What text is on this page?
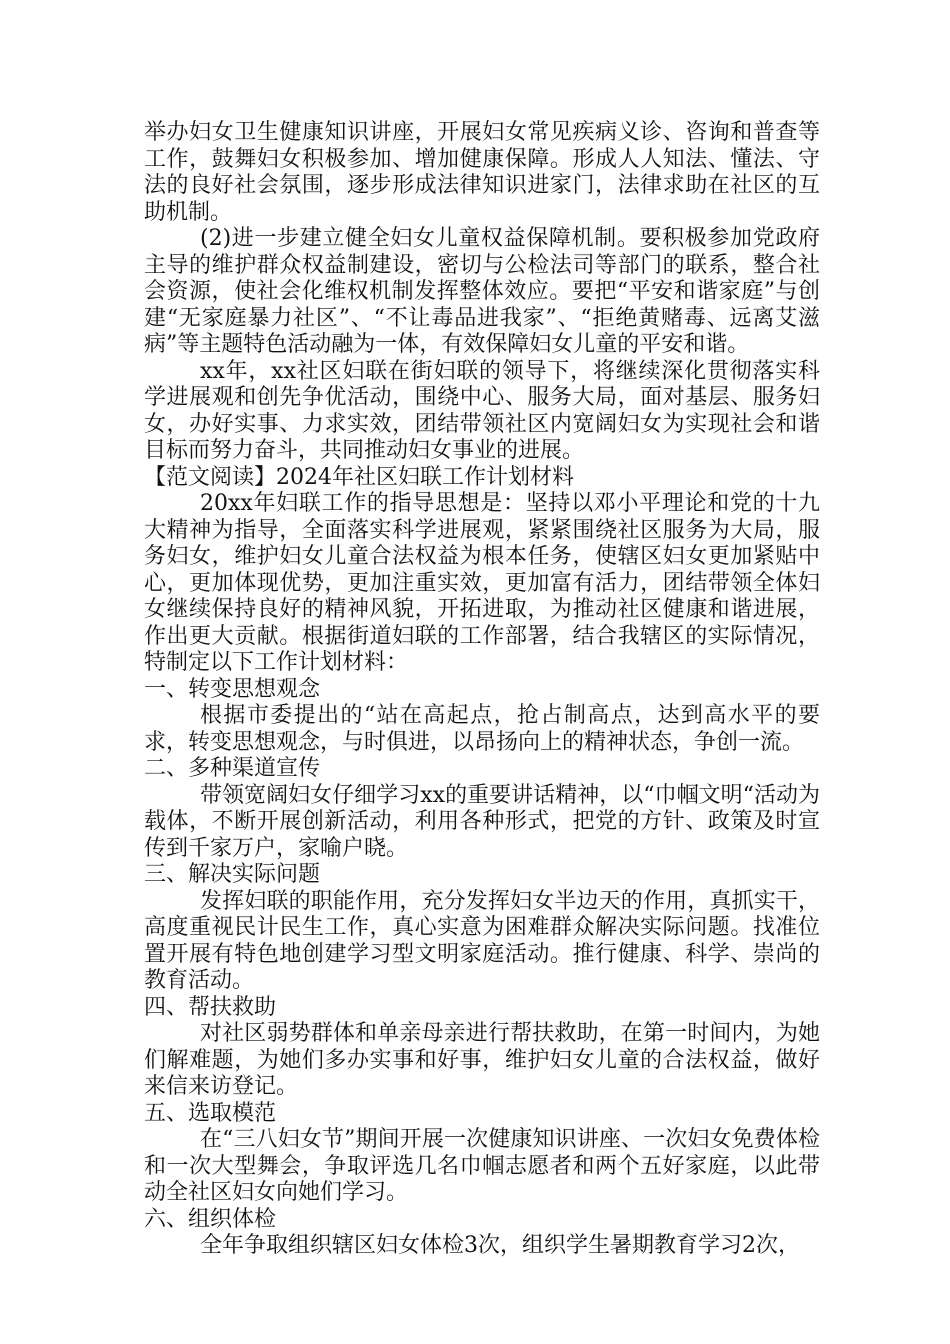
举办妇女卫生健康知识讲座，开展妇女常见疾病义诊、咨询和普查等工作，鼓舞妇女积极参加、增加健康保障。形成人人知法、懂法、守法的良好社会氛围，逐步形成法律知识进家门，法律求助在社区的互助机制。

(2)进一步建立健全妇女儿童权益保障机制。要积极参加党政府主导的维护群众权益制建设，密切与公检法司等部门的联系，整合社会资源，使社会化维权机制发挥整体效应。要把“平安和谐家庭”与创建“无家庭暴力社区”、“不让毒品进我家”、“拒绝黄赌毒、远离艾滋病”等主题特色活动融为一体，有效保障妇女儿童的平安和谐。

xx年，xx社区妇联在街妇联的领导下，将继续深化贯彻落实科学进展观和创先争优活动，围绕中心、服务大局，面对基层、服务妇女，办好实事、力求实效，团结带领社区内宽阔妇女为实现社会和谐目标而努力奋斗，共同推动妇女事业的进展。

【范文阅读】2024年社区妇联工作计划材料

20xx年妇联工作的指导思想是：坚持以邓小平理论和党的十九大精神为指导，全面落实科学进展观，紧紧围绕社区服务为大局，服务妇女，维护妇女儿童合法权益为根本任务，使辖区妇女更加紧贴中心，更加体现优势，更加注重实效，更加富有活力，团结带领全体妇女继续保持良好的精神风貌，开拓进取，为推动社区健康和谐进展，作出更大贡献。根据街道妇联的工作部署，结合我辖区的实际情况，特制定以下工作计划材料：

一、转变思想观念

根据市委提出的“站在高起点，抢占制高点，达到高水平的要求，转变思想观念，与时俱进，以昂扬向上的精神状态，争创一流。

二、多种渠道宣传

带领宽阔妇女仔细学习xx的重要讲话精神，以“巾帼文明“活动为载体，不断开展创新活动，利用各种形式，把党的方针、政策及时宣传到千家万户，家喻户晓。

三、解决实际问题

发挥妇联的职能作用，充分发挥妇女半边天的作用，真抓实干，高度重视民计民生工作，真心实意为困难群众解决实际问题。找准位置开展有特色地创建学习型文明家庭活动。推行健康、科学、崇尚的教育活动。

四、帮扶救助

对社区弱势群体和单亲母亲进行帮扶救助，在第一时间内，为她们解难题，为她们多办实事和好事，维护妇女儿童的合法权益，做好来信来访登记。

五、选取模范

在“三八妇女节”期间开展一次健康知识讲座、一次妇女免费体检和一次大型舞会，争取评选几名巾帼志愿者和两个五好家庭，以此带动全社区妇女向她们学习。

六、组织体检

全年争取组织辖区妇女体检3次，组织学生暑期教育学习2次，
